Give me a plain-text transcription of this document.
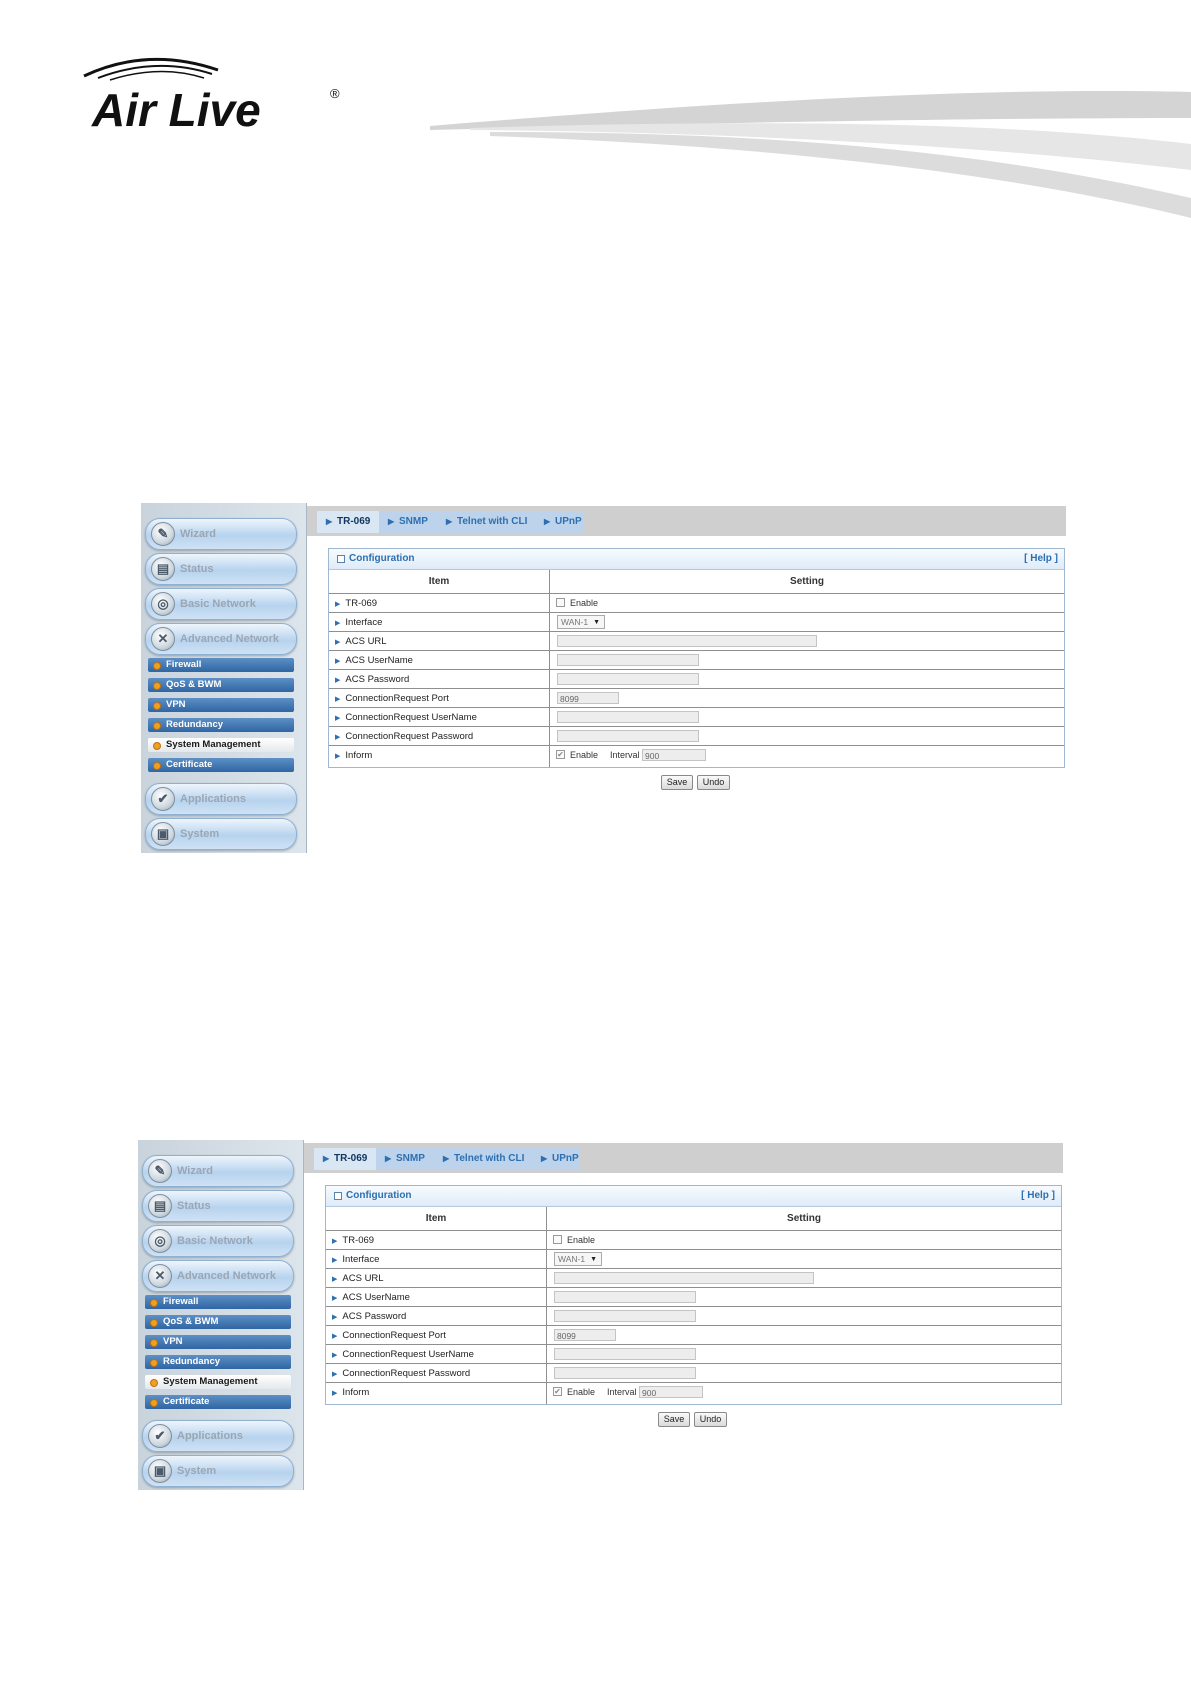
Air Live	®
✎	Wizard
▤ Status
◎	Basic Network
✕	Advanced Network
Firewall
QoS & BWM
VPN
Redundancy
System Management
Certificate
✔	Applications
▣ System
▶ TR-069 ▶ SNMP ▶ Telnet with CLI ▶ UPnP
Configuration	[ Help ]
Item	Setting
▶ TR-069	Enable
▶ Interface	WAN-1 ▼
▶ ACS URL
▶ ACS UserName
▶ ACS Password
▶ ConnectionRequest Port	8099
▶ ConnectionRequest UserName
▶ ConnectionRequest Password
▶ Inform	✔ Enable Interval 900
Save	Undo
✎	Wizard
▤ Status
◎	Basic Network
✕	Advanced Network
Firewall
QoS & BWM
VPN
Redundancy
System Management
Certificate
✔	Applications
▣ System
▶ TR-069 ▶ SNMP ▶ Telnet with CLI ▶ UPnP
Configuration	[ Help ]
Item	Setting
▶ TR-069	Enable
▶ Interface	WAN-1 ▼
▶ ACS URL
▶ ACS UserName
▶ ACS Password
▶ ConnectionRequest Port	8099
▶ ConnectionRequest UserName
▶ ConnectionRequest Password
▶ Inform	✔ Enable Interval 900
Save	Undo
